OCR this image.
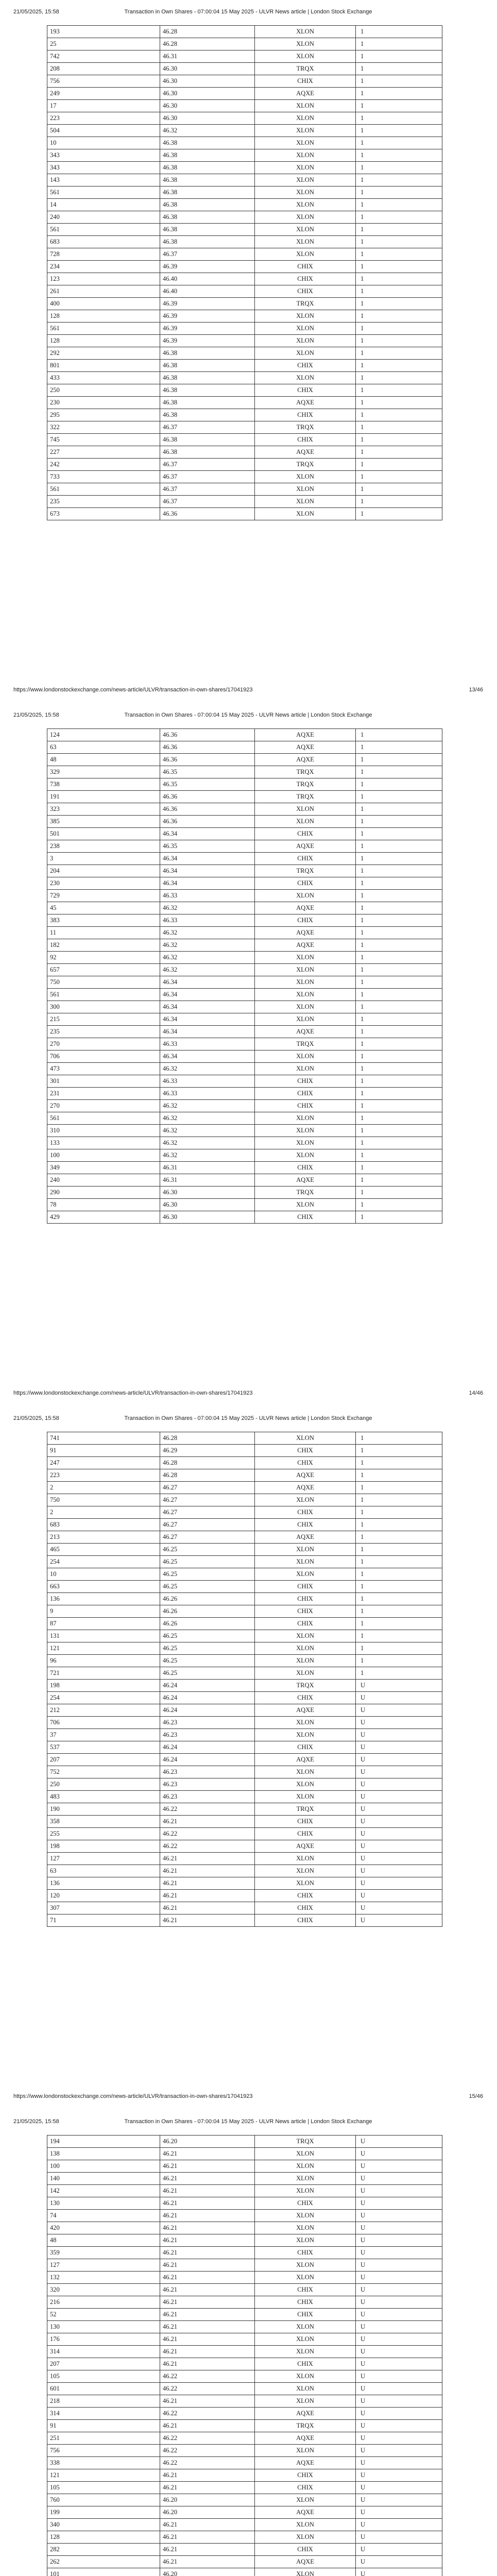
21/05/2025, 15:58	Transaction in Own Shares - 07:00:04 15 May 2025 - ULVR News article | London Stock Exchange
193	46.28	XLON	1
25	46.28	XLON	1
742	46.31	XLON	1
208	46.30	TRQX	1
756	46.30	CHIX	1
249	46.30	AQXE	1
17	46.30	XLON	1
223	46.30	XLON	1
504	46.32	XLON	1
10	46.38	XLON	1
343	46.38	XLON	1
343	46.38	XLON	1
143	46.38	XLON	1
561	46.38	XLON	1
14	46.38	XLON	1
240	46.38	XLON	1
561	46.38	XLON	1
683	46.38	XLON	1
728	46.37	XLON	1
234	46.39	CHIX	1
123	46.40	CHIX	1
261	46.40	CHIX	1
400	46.39	TRQX	1
128	46.39	XLON	1
561	46.39	XLON	1
128	46.39	XLON	1
292	46.38	XLON	1
801	46.38	CHIX	1
433	46.38	XLON	1
250	46.38	CHIX	1
230	46.38	AQXE	1
295	46.38	CHIX	1
322	46.37	TRQX	1
745	46.38	CHIX	1
227	46.38	AQXE	1
242	46.37	TRQX	1
733	46.37	XLON	1
561	46.37	XLON	1
235	46.37	XLON	1
673	46.36	XLON	1
https://www.londonstockexchange.com/news-article/ULVR/transaction-in-own-shares/17041923	13/46
21/05/2025, 15:58	Transaction in Own Shares - 07:00:04 15 May 2025 - ULVR News article | London Stock Exchange
124	46.36	AQXE	1
63	46.36	AQXE	1
48	46.36	AQXE	1
329	46.35	TRQX	1
738	46.35	TRQX	1
191	46.36	TRQX	1
323	46.36	XLON	1
385	46.36	XLON	1
501	46.34	CHIX	1
238	46.35	AQXE	1
3	46.34	CHIX	1
204	46.34	TRQX	1
230	46.34	CHIX	1
729	46.33	XLON	1
45	46.32	AQXE	1
383	46.33	CHIX	1
11	46.32	AQXE	1
182	46.32	AQXE	1
92	46.32	XLON	1
657	46.32	XLON	1
750	46.34	XLON	1
561	46.34	XLON	1
300	46.34	XLON	1
215	46.34	XLON	1
235	46.34	AQXE	1
270	46.33	TRQX	1
706	46.34	XLON	1
473	46.32	XLON	1
301	46.33	CHIX	1
231	46.33	CHIX	1
270	46.32	CHIX	1
561	46.32	XLON	1
310	46.32	XLON	1
133	46.32	XLON	1
100	46.32	XLON	1
349	46.31	CHIX	1
240	46.31	AQXE	1
290	46.30	TRQX	1
78	46.30	XLON	1
429	46.30	CHIX	1
https://www.londonstockexchange.com/news-article/ULVR/transaction-in-own-shares/17041923	14/46
21/05/2025, 15:58	Transaction in Own Shares - 07:00:04 15 May 2025 - ULVR News article | London Stock Exchange
741	46.28	XLON	1
91	46.29	CHIX	1
247	46.28	CHIX	1
223	46.28	AQXE	1
2	46.27	AQXE	1
750	46.27	XLON	1
2	46.27	CHIX	1
683	46.27	CHIX	1
213	46.27	AQXE	1
465	46.25	XLON	1
254	46.25	XLON	1
10	46.25	XLON	1
663	46.25	CHIX	1
136	46.26	CHIX	1
9	46.26	CHIX	1
87	46.26	CHIX	1
131	46.25	XLON	1
121	46.25	XLON	1
96	46.25	XLON	1
721	46.25	XLON	1
198	46.24	TRQX	U
254	46.24	CHIX	U
212	46.24	AQXE	U
706	46.23	XLON	U
37	46.23	XLON	U
537	46.24	CHIX	U
207	46.24	AQXE	U
752	46.23	XLON	U
250	46.23	XLON	U
483	46.23	XLON	U
190	46.22	TRQX	U
358	46.21	CHIX	U
255	46.22	CHIX	U
198	46.22	AQXE	U
127	46.21	XLON	U
63	46.21	XLON	U
136	46.21	XLON	U
120	46.21	CHIX	U
307	46.21	CHIX	U
71	46.21	CHIX	U
https://www.londonstockexchange.com/news-article/ULVR/transaction-in-own-shares/17041923	15/46
21/05/2025, 15:58	Transaction in Own Shares - 07:00:04 15 May 2025 - ULVR News article | London Stock Exchange
194	46.20	TRQX	U
138	46.21	XLON	U
100	46.21	XLON	U
140	46.21	XLON	U
142	46.21	XLON	U
130	46.21	CHIX	U
74	46.21	XLON	U
420	46.21	XLON	U
48	46.21	XLON	U
359	46.21	CHIX	U
127	46.21	XLON	U
132	46.21	XLON	U
320	46.21	CHIX	U
216	46.21	CHIX	U
52	46.21	CHIX	U
130	46.21	XLON	U
176	46.21	XLON	U
314	46.21	XLON	U
207	46.21	CHIX	U
105	46.22	XLON	U
601	46.22	XLON	U
218	46.21	XLON	U
314	46.22	AQXE	U
91	46.21	TRQX	U
251	46.22	AQXE	U
756	46.22	XLON	U
338	46.22	AQXE	U
121	46.21	CHIX	U
105	46.21	CHIX	U
760	46.20	XLON	U
199	46.20	AQXE	U
340	46.21	XLON	U
128	46.21	XLON	U
282	46.21	CHIX	U
262	46.21	AQXE	U
101	46.20	XLON	U
